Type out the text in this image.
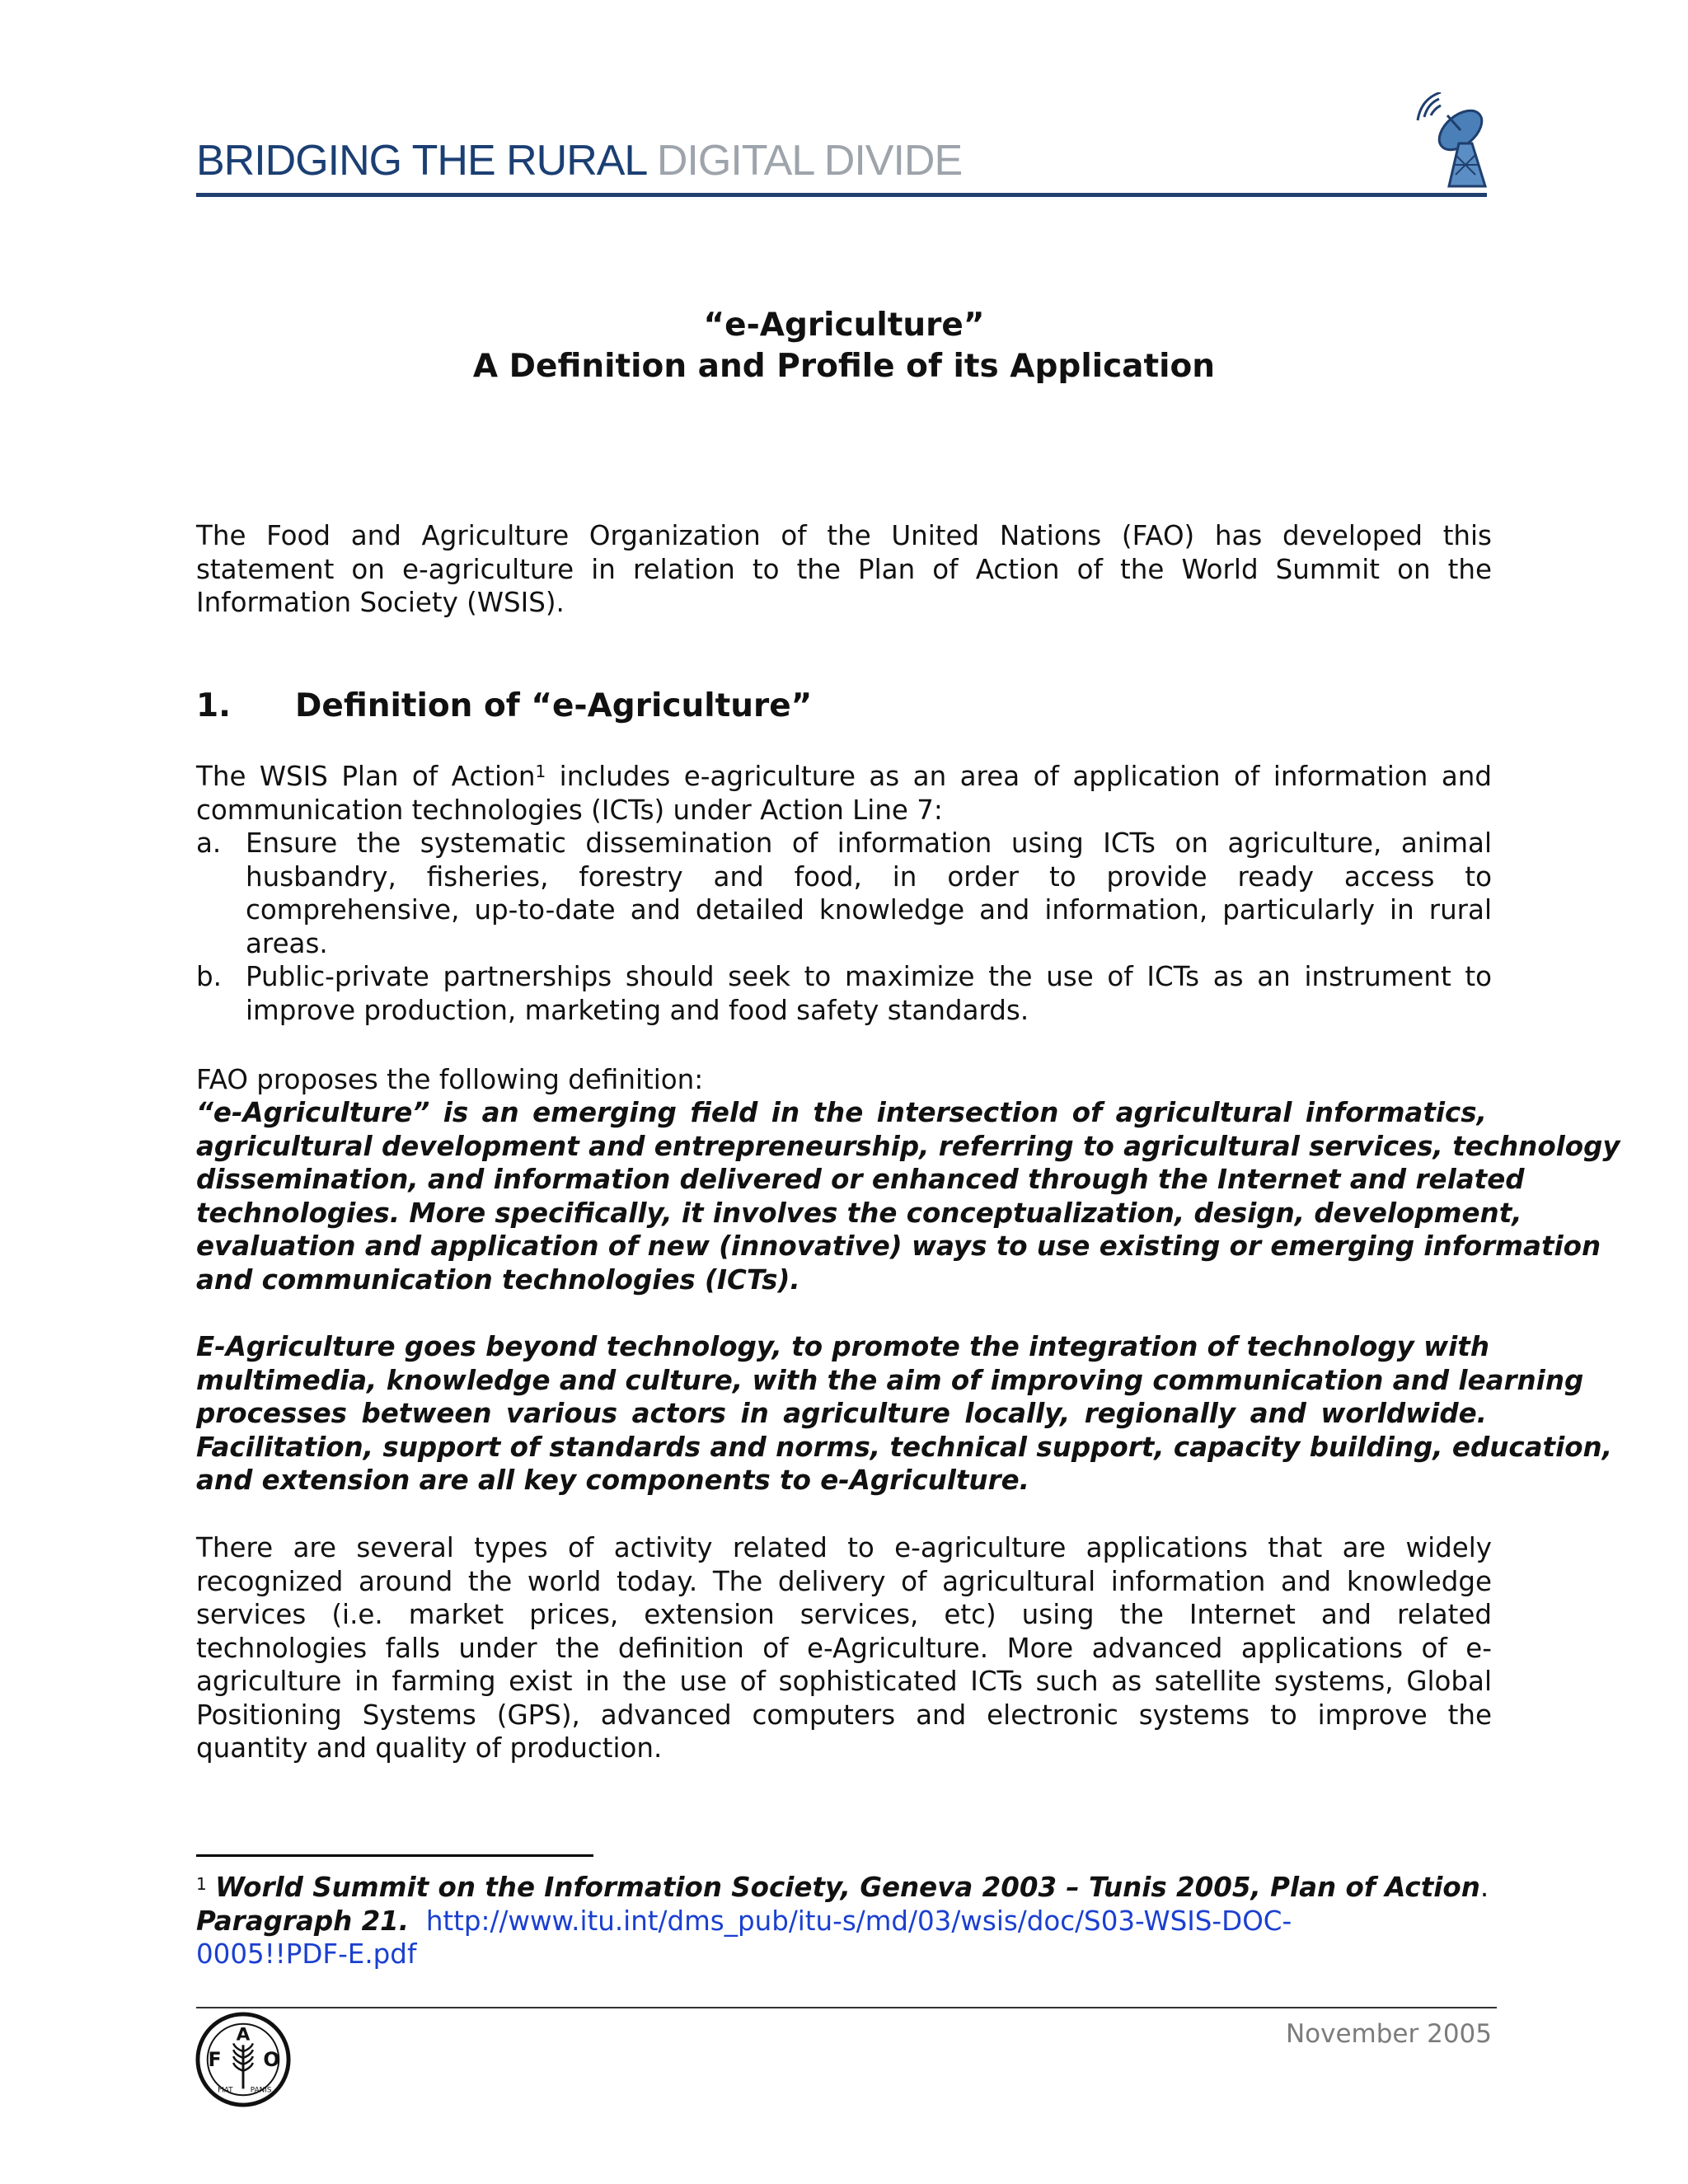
BRIDGING THE RURAL DIGITAL DIVIDE
“e-Agriculture”
A Definition and Profile of its Application
The Food and Agriculture Organization of the United Nations (FAO) has developed this
statement on e-agriculture in relation to the Plan of Action of the World Summit on the
Information Society (WSIS).
1. Definition of “e-Agriculture”
The WSIS Plan of Action$^1$ includes e-agriculture as an area of application of information and
communication technologies (ICTs) under Action Line 7:
a. Ensure the systematic dissemination of information using ICTs on agriculture, animal
husbandry, fisheries, forestry and food, in order to provide ready access to
comprehensive, up-to-date and detailed knowledge and information, particularly in rural
areas.
b. Public-private partnerships should seek to maximize the use of ICTs as an instrument to
improve production, marketing and food safety standards.
FAO proposes the following definition:
“e-Agriculture” is an emerging field in the intersection of agricultural informatics,
agricultural development and entrepreneurship, referring to agricultural services, technology
dissemination, and information delivered or enhanced through the Internet and related
technologies. More specifically, it involves the conceptualization, design, development,
evaluation and application of new (innovative) ways to use existing or emerging information
and communication technologies (ICTs).
E-Agriculture goes beyond technology, to promote the integration of technology with
multimedia, knowledge and culture, with the aim of improving communication and learning
processes between various actors in agriculture locally, regionally and worldwide.
Facilitation, support of standards and norms, technical support, capacity building, education,
and extension are all key components to e-Agriculture.
There are several types of activity related to e-agriculture applications that are widely
recognized around the world today. The delivery of agricultural information and knowledge
services (i.e. market prices, extension services, etc) using the Internet and related
technologies falls under the definition of e-Agriculture. More advanced applications of e-
agriculture in farming exist in the use of sophisticated ICTs such as satellite systems, Global
Positioning Systems (GPS), advanced computers and electronic systems to improve the
quantity and quality of production.
$^1$ World Summit on the Information Society, Geneva 2003 – Tunis 2005, Plan of Action.
Paragraph 21. http://www.itu.int/dms_pub/itu-s/md/03/wsis/doc/S03-WSIS-DOC-
0005!!PDF-E.pdf
F
A
O
FIAT PANIS
November 2005
